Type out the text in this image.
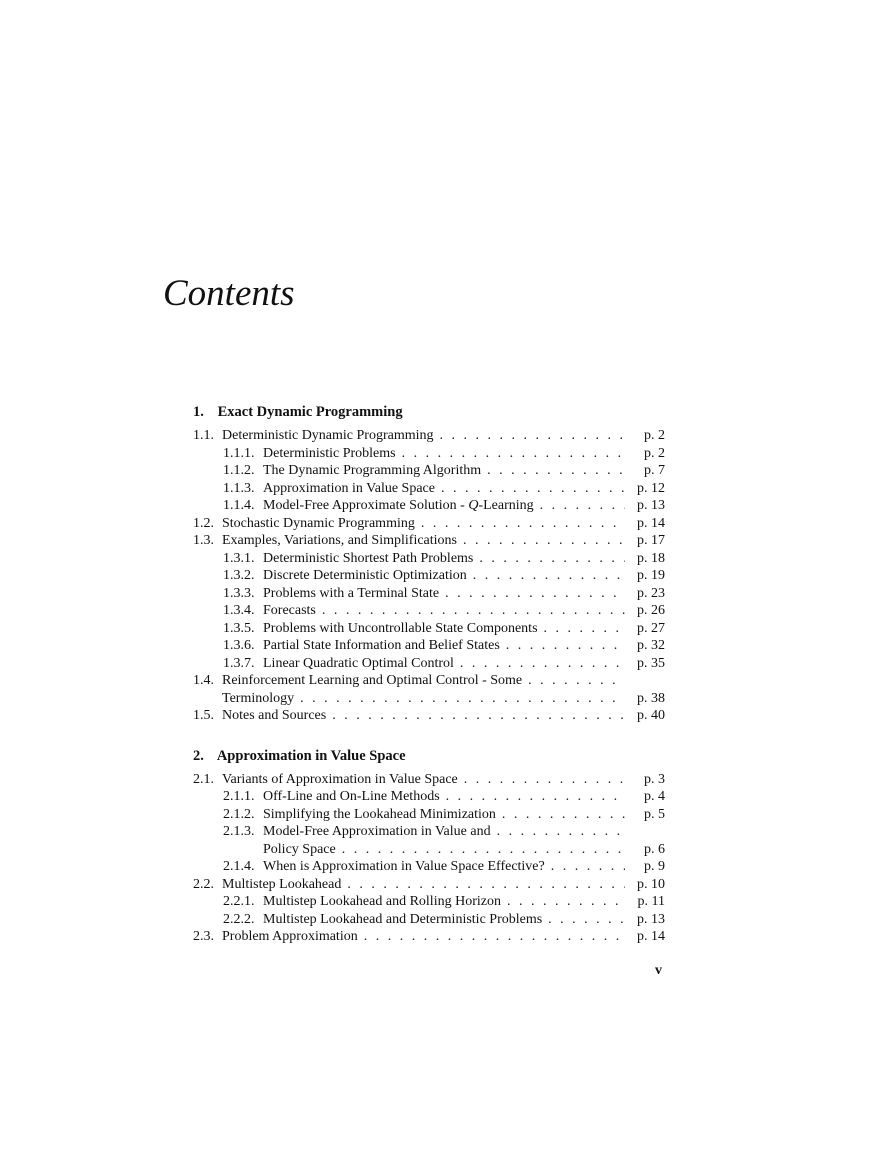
Contents
1. Exact Dynamic Programming
1.1. Deterministic Dynamic Programming . . .	p. 2
1.1.1. Deterministic Problems . . .	p. 2
1.1.2. The Dynamic Programming Algorithm . . .	p. 7
1.1.3. Approximation in Value Space . . .	p. 12
1.1.4. Model-Free Approximate Solution - Q-Learning . . .	p. 13
1.2. Stochastic Dynamic Programming . . .	p. 14
1.3. Examples, Variations, and Simplifications . . .	p. 17
1.3.1. Deterministic Shortest Path Problems . . .	p. 18
1.3.2. Discrete Deterministic Optimization . . .	p. 19
1.3.3. Problems with a Terminal State . . .	p. 23
1.3.4. Forecasts . . .	p. 26
1.3.5. Problems with Uncontrollable State Components . . .	p. 27
1.3.6. Partial State Information and Belief States . . .	p. 32
1.3.7. Linear Quadratic Optimal Control . . .	p. 35
1.4. Reinforcement Learning and Optimal Control - Some . . .
Terminology . . .	p. 38
1.5. Notes and Sources . . .	p. 40
2. Approximation in Value Space
2.1. Variants of Approximation in Value Space . . .	p. 3
2.1.1. Off-Line and On-Line Methods . . .	p. 4
2.1.2. Simplifying the Lookahead Minimization . . .	p. 5
2.1.3. Model-Free Approximation in Value and . . .
Policy Space . . .	p. 6
2.1.4. When is Approximation in Value Space Effective? . . .	p. 9
2.2. Multistep Lookahead . . .	p. 10
2.2.1. Multistep Lookahead and Rolling Horizon . . .	p. 11
2.2.2. Multistep Lookahead and Deterministic Problems . . .	p. 13
2.3. Problem Approximation . . .	p. 14
v
